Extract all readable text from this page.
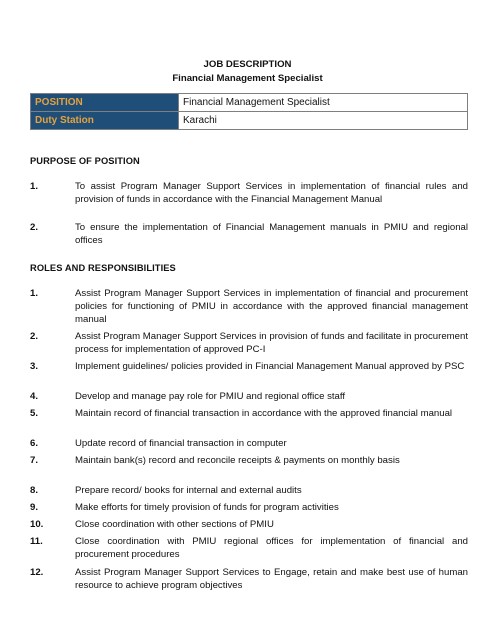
JOB DESCRIPTION
Financial Management Specialist
POSITION	Financial Management Specialist
Duty Station	Karachi
PURPOSE OF POSITION
1.	To assist Program Manager Support Services in implementation of financial rules and provision of funds in accordance with the Financial Management Manual
2.	To ensure the implementation of Financial Management manuals in PMIU and regional offices
ROLES AND RESPONSIBILITIES
1.	Assist Program Manager Support Services in implementation of financial and procurement policies for functioning of PMIU in accordance with the approved financial management manual
2.	Assist Program Manager Support Services in provision of funds and facilitate in procurement process for implementation of approved PC-I
3.	Implement guidelines/ policies provided in Financial Management Manual approved by PSC
4.	Develop and manage pay role for PMIU and regional office staff
5.	Maintain record of financial transaction in accordance with the approved financial manual
6.	Update record of financial transaction in computer
7.	Maintain bank(s) record and reconcile receipts & payments on monthly basis
8.	Prepare record/ books for internal and external audits
9.	Make efforts for timely provision of funds for program activities
10.	Close coordination with other sections of PMIU
11.	Close coordination with PMIU regional offices for implementation of financial and procurement procedures
12.	Assist Program Manager Support Services to Engage, retain and make best use of human resource to achieve program objectives
